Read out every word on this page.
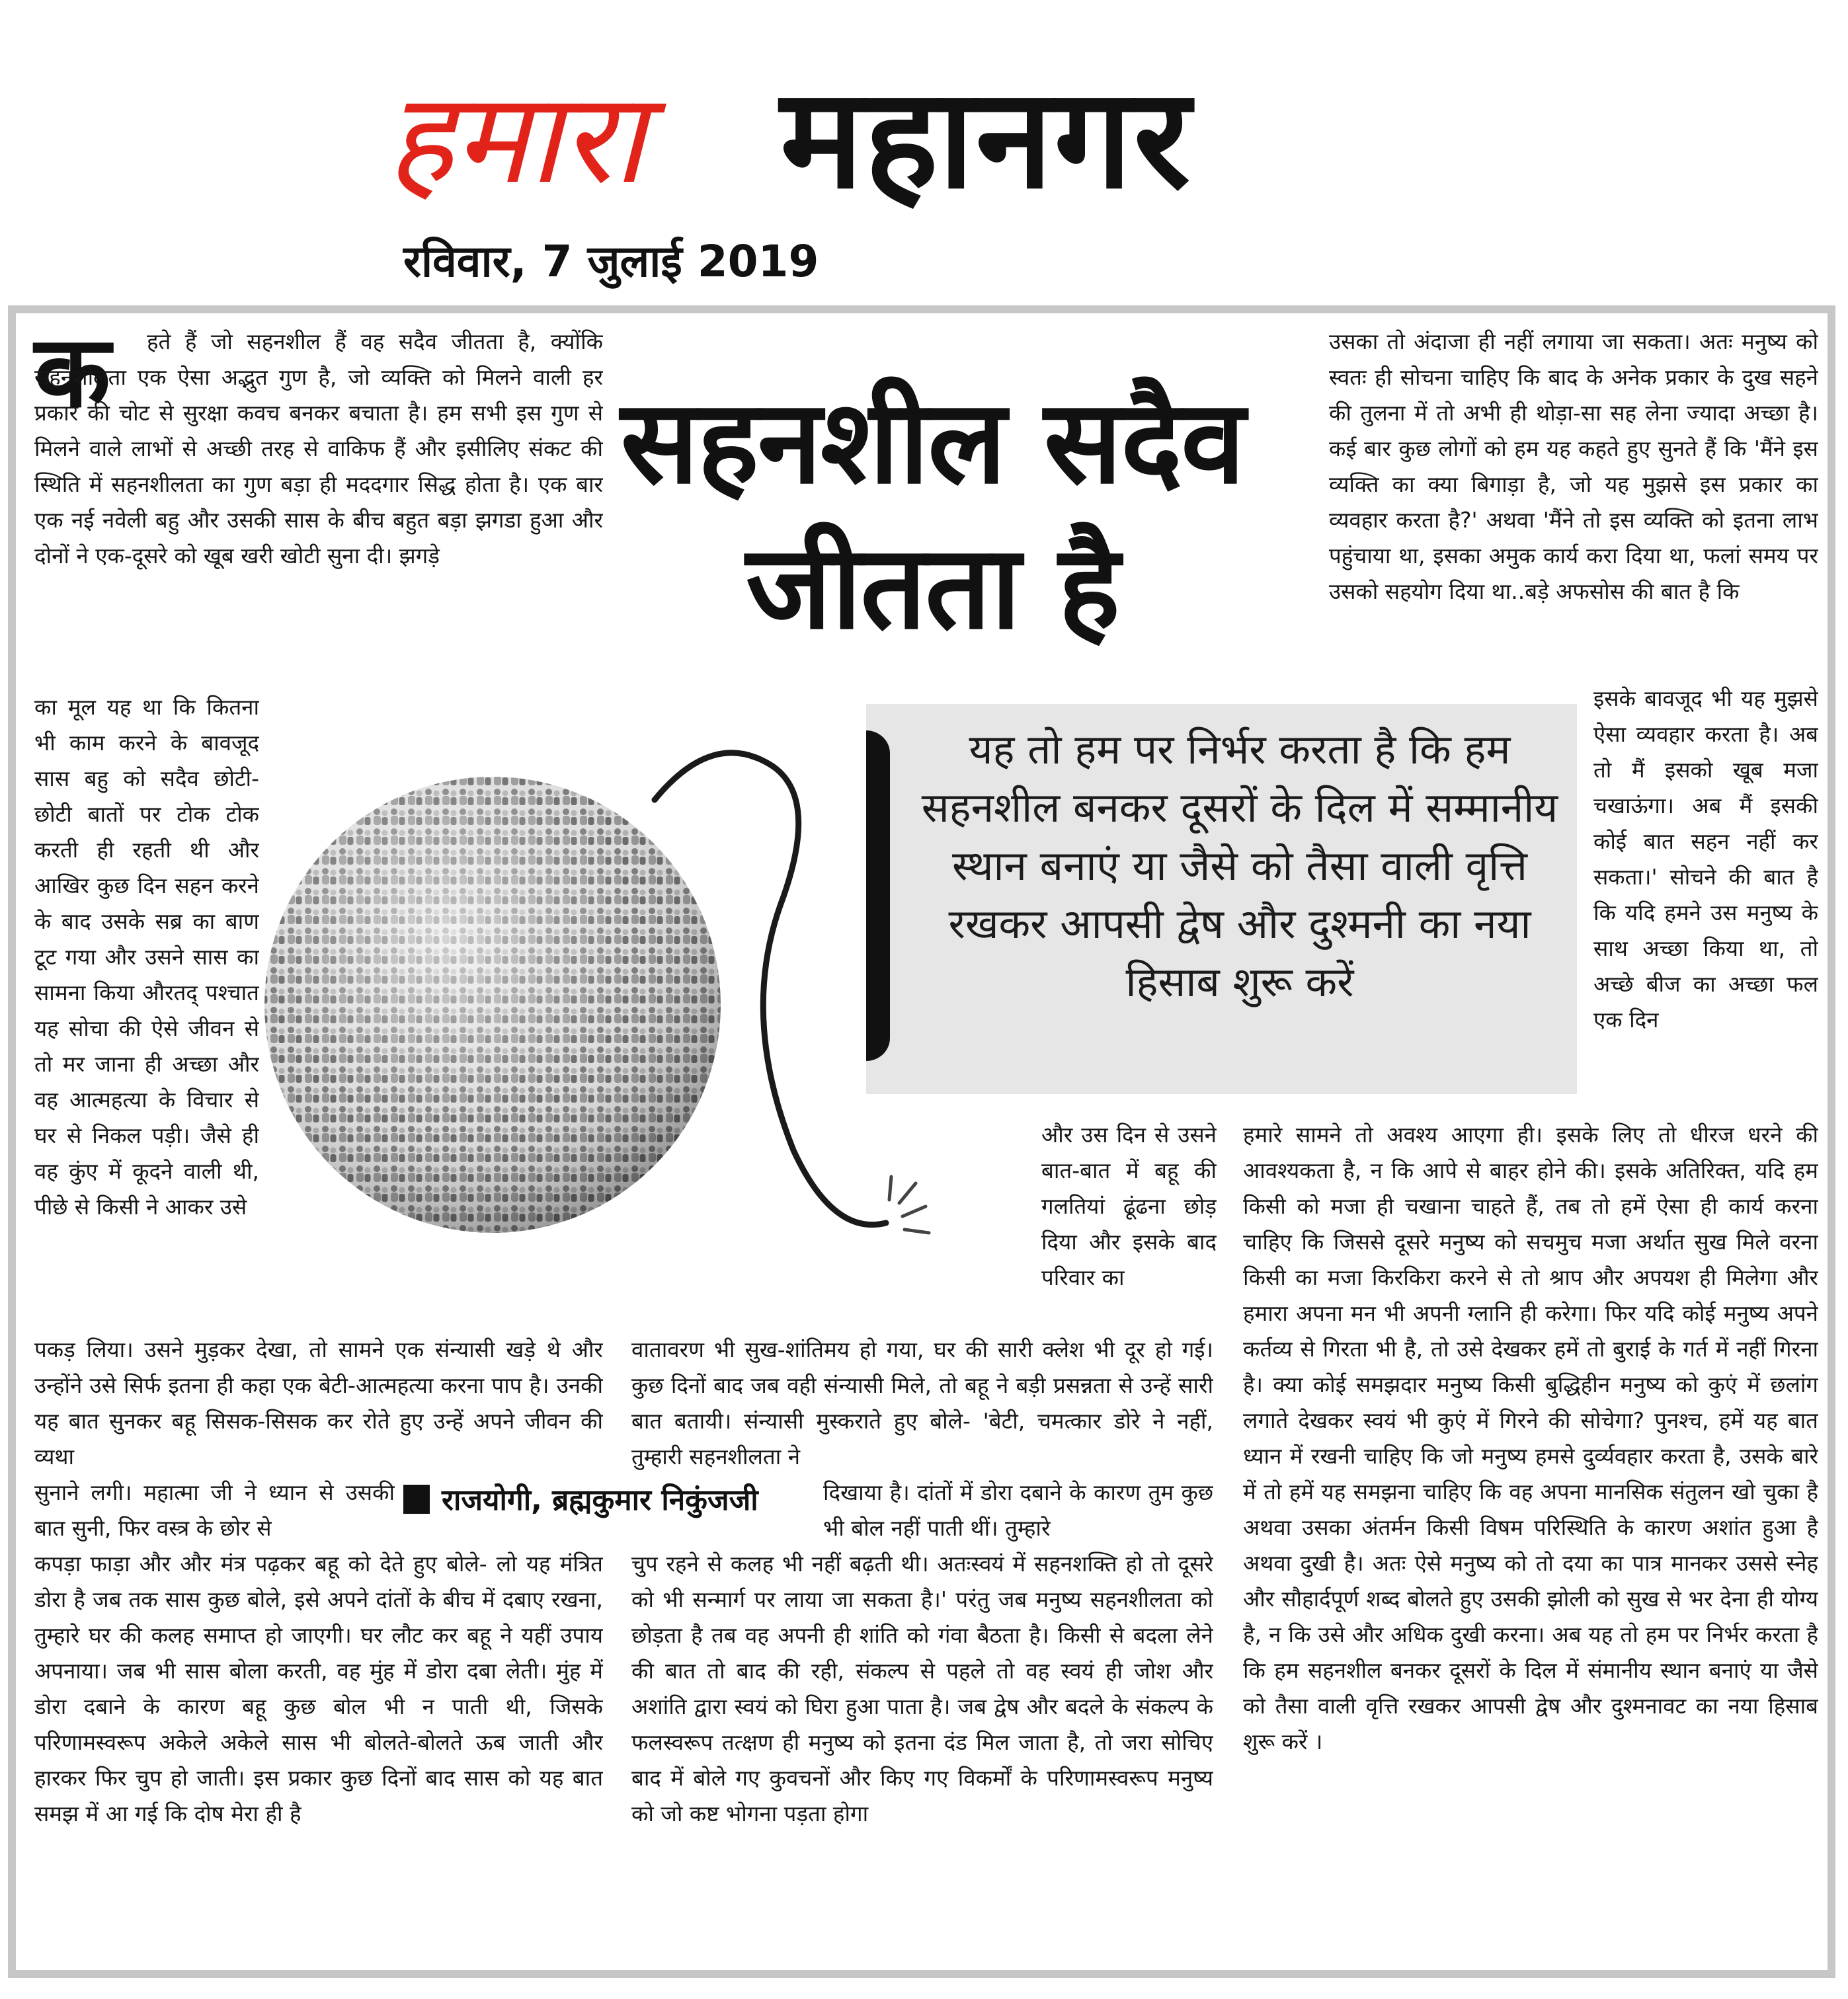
हमारा महानगर
रविवार, 7 जुलाई 2019
क	हते हैं जो सहनशील हैं वह सदैव जीतता है, क्योंकि सहनशीलता एक ऐसा अद्भुत गुण है, जो व्यक्ति को मिलने वाली हर प्रकार की चोट से सुरक्षा कवच बनकर बचाता है। हम सभी इस गुण से मिलने वाले लाभों से अच्छी तरह से वाकिफ हैं और इसीलिए संकट की स्थिति में सहनशीलता का गुण बड़ा ही मददगार सिद्ध होता है। एक बार एक नई नवेली बहु और उसकी सास के बीच बहुत बड़ा झगडा हुआ और दोनों ने एक-दूसरे को खूब खरी खोटी सुना दी। झगड़े
का मूल यह था कि कितना भी काम करने के बावजूद सास बहु को सदैव छोटी-छोटी बातों पर टोक टोक करती ही रहती थी और आखिर कुछ दिन सहन करने के बाद उसके सब्र का बाण टूट गया और उसने सास का सामना किया औरतद् पश्चात यह सोचा की ऐसे जीवन से तो मर जाना ही अच्छा और वह आत्महत्या के विचार से घर से निकल पड़ी। जैसे ही वह कुंए में कूदने वाली थी, पीछे से किसी ने आकर उसे
पकड़ लिया। उसने मुड़कर देखा, तो सामने एक संन्यासी खड़े थे और उन्होंने उसे सिर्फ इतना ही कहा एक बेटी-आत्महत्या करना पाप है। उनकी यह बात सुनकर बहू सिसक-सिसक कर रोते हुए उन्हें अपने जीवन की व्यथा
सुनाने लगी। महात्मा जी ने ध्यान से उसकी बात सुनी, फिर वस्त्र के छोर से
कपड़ा फाड़ा और और मंत्र पढ़कर बहू को देते हुए बोले- लो यह मंत्रित डोरा है जब तक सास कुछ बोले, इसे अपने दांतों के बीच में दबाए रखना, तुम्हारे घर की कलह समाप्त हो जाएगी। घर लौट कर बहू ने यहीं उपाय अपनाया। जब भी सास बोला करती, वह मुंह में डोरा दबा लेती। मुंह में डोरा दबाने के कारण बहू कुछ बोल भी न पाती थी, जिसके परिणामस्वरूप अकेले अकेले सास भी बोलते-बोलते ऊब जाती और हारकर फिर चुप हो जाती। इस प्रकार कुछ दिनों बाद सास को यह बात समझ में आ गई कि दोष मेरा ही है
सहनशील सदैव जीतता है
यह तो हम पर निर्भर करता है कि हम सहनशील बनकर दूसरों के दिल में सम्मानीय स्थान बनाएं या जैसे को तैसा वाली वृत्ति रखकर आपसी द्वेष और दुश्मनी का नया हिसाब शुरू करें
और उस दिन से उसने बात-बात में बहू की गलतियां ढूंढना छोड़ दिया और इसके बाद परिवार का
वातावरण भी सुख-शांतिमय हो गया, घर की सारी क्लेश भी दूर हो गई। कुछ दिनों बाद जब वही संन्यासी मिले, तो बहू ने बड़ी प्रसन्नता से उन्हें सारी बात बतायी। संन्यासी मुस्कराते हुए बोले- 'बेटी, चमत्कार डोरे ने नहीं, तुम्हारी सहनशीलता ने
दिखाया है। दांतों में डोरा दबाने के कारण तुम कुछ भी बोल नहीं पाती थीं। तुम्हारे
चुप रहने से कलह भी नहीं बढ़ती थी। अतःस्वयं में सहनशक्ति हो तो दूसरे को भी सन्मार्ग पर लाया जा सकता है।' परंतु जब मनुष्य सहनशीलता को छोड़ता है तब वह अपनी ही शांति को गंवा बैठता है। किसी से बदला लेने की बात तो बाद की रही, संकल्प से पहले तो वह स्वयं ही जोश और अशांति द्वारा स्वयं को घिरा हुआ पाता है। जब द्वेष और बदले के संकल्प के फलस्वरूप तत्क्षण ही मनुष्य को इतना दंड मिल जाता है, तो जरा सोचिए बाद में बोले गए कुवचनों और किए गए विकर्मों के परिणामस्वरूप मनुष्य को जो कष्ट भोगना पड़ता होगा
राजयोगी, ब्रह्मकुमार निकुंजजी
उसका तो अंदाजा ही नहीं लगाया जा सकता। अतः मनुष्य को स्वतः ही सोचना चाहिए कि बाद के अनेक प्रकार के दुख सहने की तुलना में तो अभी ही थोड़ा-सा सह लेना ज्यादा अच्छा है। कई बार कुछ लोगों को हम यह कहते हुए सुनते हैं कि 'मैंने इस व्यक्ति का क्या बिगाड़ा है, जो यह मुझसे इस प्रकार का व्यवहार करता है?' अथवा 'मैंने तो इस व्यक्ति को इतना लाभ पहुंचाया था, इसका अमुक कार्य करा दिया था, फलां समय पर उसको सहयोग दिया था..बड़े अफसोस की बात है कि
इसके बावजूद भी यह मुझसे ऐसा व्यवहार करता है। अब तो मैं इसको खूब मजा चखाऊंगा। अब मैं इसकी कोई बात सहन नहीं कर सकता।' सोचने की बात है कि यदि हमने उस मनुष्य के साथ अच्छा किया था, तो अच्छे बीज का अच्छा फल एक दिन
हमारे सामने तो अवश्य आएगा ही। इसके लिए तो धीरज धरने की आवश्यकता है, न कि आपे से बाहर होने की। इसके अतिरिक्त, यदि हम किसी को मजा ही चखाना चाहते हैं, तब तो हमें ऐसा ही कार्य करना चाहिए कि जिससे दूसरे मनुष्य को सचमुच मजा अर्थात सुख मिले वरना किसी का मजा किरकिरा करने से तो श्राप और अपयश ही मिलेगा और हमारा अपना मन भी अपनी ग्लानि ही करेगा। फिर यदि कोई मनुष्य अपने कर्तव्य से गिरता भी है, तो उसे देखकर हमें तो बुराई के गर्त में नहीं गिरना है। क्या कोई समझदार मनुष्य किसी बुद्धिहीन मनुष्य को कुएं में छलांग लगाते देखकर स्वयं भी कुएं में गिरने की सोचेगा? पुनश्च, हमें यह बात ध्यान में रखनी चाहिए कि जो मनुष्य हमसे दुर्व्यवहार करता है, उसके बारे में तो हमें यह समझना चाहिए कि वह अपना मानसिक संतुलन खो चुका है अथवा उसका अंतर्मन किसी विषम परिस्थिति के कारण अशांत हुआ है अथवा दुखी है। अतः ऐसे मनुष्य को तो दया का पात्र मानकर उससे स्नेह और सौहार्दपूर्ण शब्द बोलते हुए उसकी झोली को सुख से भर देना ही योग्य है, न कि उसे और अधिक दुखी करना। अब यह तो हम पर निर्भर करता है कि हम सहनशील बनकर दूसरों के दिल में संमानीय स्थान बनाएं या जैसे को तैसा वाली वृत्ति रखकर आपसी द्वेष और दुश्मनावट का नया हिसाब शुरू करें ।
